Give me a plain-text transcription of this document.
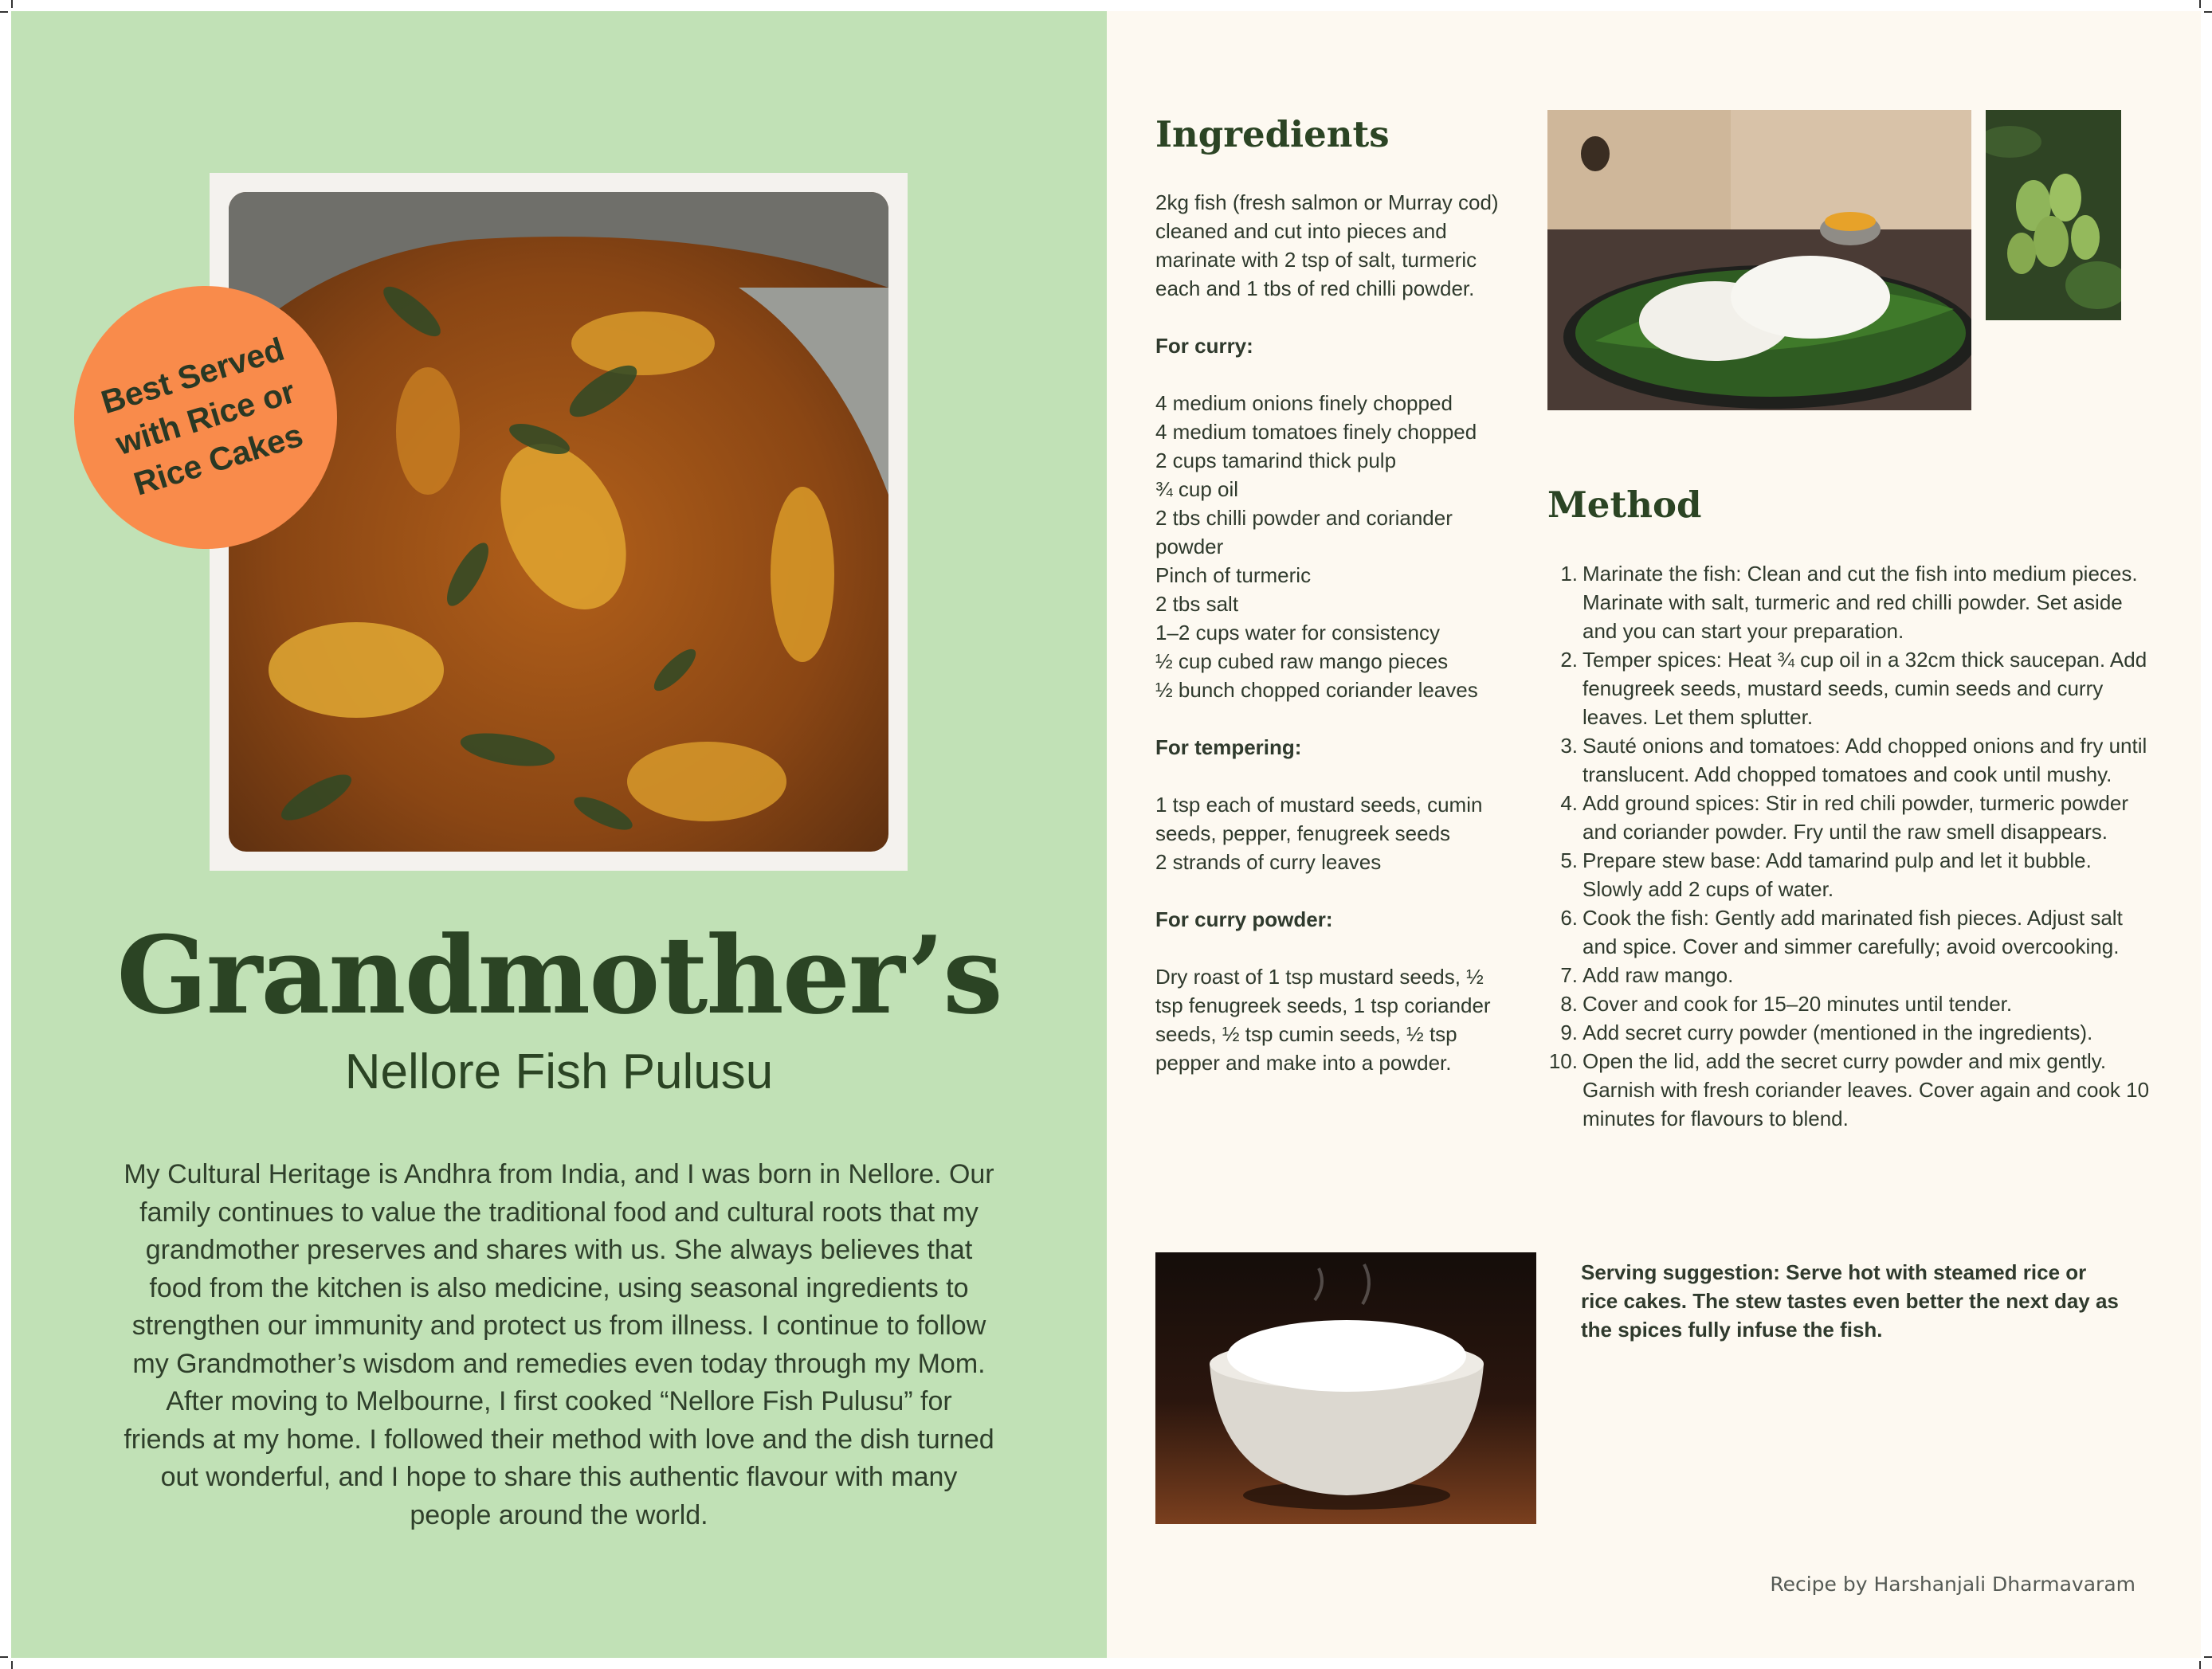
Best Served with Rice or Rice Cakes
Grandmother’s
Nellore Fish Pulusu
My Cultural Heritage is Andhra from India, and I was born in Nellore. Our family continues to value the traditional food and cultural roots that my grandmother preserves and shares with us. She always believes that food from the kitchen is also medicine, using seasonal ingredients to strengthen our immunity and protect us from illness. I continue to follow my Grandmother’s wisdom and remedies even today through my Mom. After moving to Melbourne, I first cooked “Nellore Fish Pulusu” for friends at my home. I followed their method with love and the dish turned out wonderful, and I hope to share this authentic flavour with many people around the world.
Ingredients

2kg fish (fresh salmon or Murray cod) cleaned and cut into pieces and marinate with 2 tsp of salt, turmeric each and 1 tbs of red chilli powder.

For curry:

4 medium onions finely chopped

4 medium tomatoes finely chopped

2 cups tamarind thick pulp

¾ cup oil

2 tbs chilli powder and coriander powder

Pinch of turmeric

2 tbs salt

1–2 cups water for consistency

½ cup cubed raw mango pieces

½ bunch chopped coriander leaves

For tempering:

1 tsp each of mustard seeds, cumin seeds, pepper, fenugreek seeds

2 strands of curry leaves

For curry powder:

Dry roast of 1 tsp mustard seeds, ½ tsp fenugreek seeds, 1 tsp coriander seeds, ½ tsp cumin seeds, ½ tsp pepper and make into a powder.

Method
1. Marinate the fish: Clean and cut the fish into medium pieces. Marinate with salt, turmeric and red chilli powder. Set aside and you can start your preparation.
2. Temper spices: Heat ¾ cup oil in a 32cm thick saucepan. Add fenugreek seeds, mustard seeds, cumin seeds and curry leaves. Let them splutter.
3. Sauté onions and tomatoes: Add chopped onions and fry until translucent. Add chopped tomatoes and cook until mushy.
4. Add ground spices: Stir in red chili powder, turmeric powder and coriander powder. Fry until the raw smell disappears.
5. Prepare stew base: Add tamarind pulp and let it bubble. Slowly add 2 cups of water.
6. Cook the fish: Gently add marinated fish pieces. Adjust salt and spice. Cover and simmer carefully; avoid overcooking.
7. Add raw mango.
8. Cover and cook for 15–20 minutes until tender.
9. Add secret curry powder (mentioned in the ingredients).
10. Open the lid, add the secret curry powder and mix gently. Garnish with fresh coriander leaves. Cover again and cook 10 minutes for flavours to blend.
Serving suggestion: Serve hot with steamed rice or rice cakes. The stew tastes even better the next day as the spices fully infuse the fish.
Recipe by Harshanjali Dharmavaram
